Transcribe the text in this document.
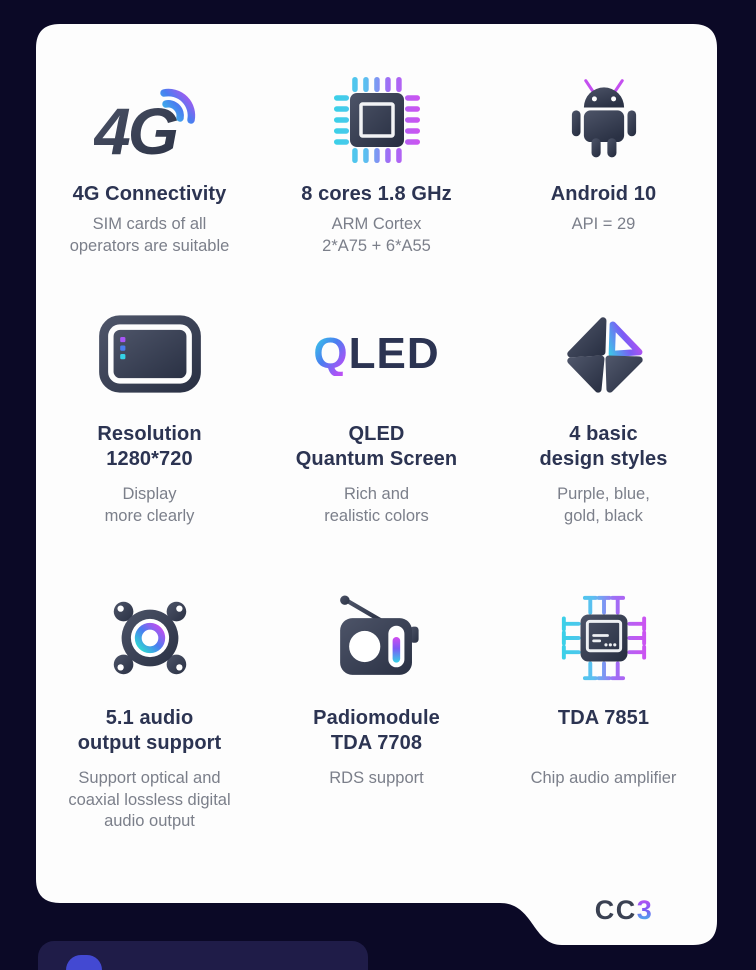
4G
4G Connectivity
SIM cards of all
operators are suitable
8 cores 1.8 GHz
ARM Cortex
2*A75 + 6*A55
Android 10
API = 29
Resolution
1280*720
Display
more clearly
Q LED
QLED
Quantum Screen
Rich and
realistic colors
4 basic
design styles
Purple, blue,
gold, black
5.1 audio
output support
Support optical and
coaxial lossless digital
audio output
Padiomodule
TDA 7708
RDS support
TDA 7851
Chip audio amplifier
CC3
